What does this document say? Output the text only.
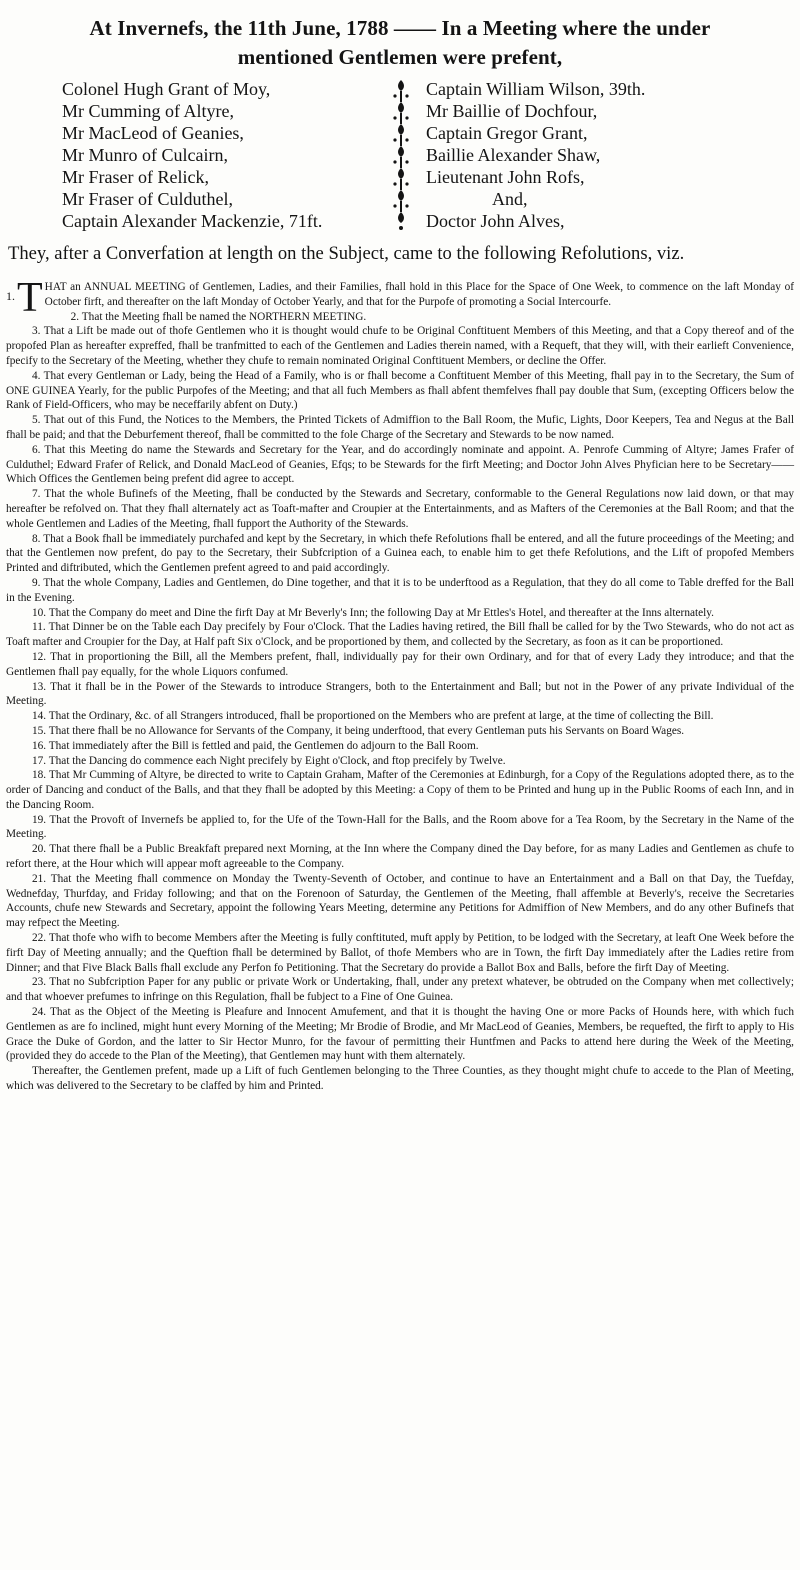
At Invernefs, the 11th June, 1788 —— In a Meeting where the under
mentioned Gentlemen were prefent,
Colonel Hugh Grant of Moy,
Mr Cumming of Altyre,
Mr MacLeod of Geanies,
Mr Munro of Culcairn,
Mr Fraser of Relick,
Mr Fraser of Culduthel,
Captain Alexander Mackenzie, 71ft.
Captain William Wilson, 39th.
Mr Baillie of Dochfour,
Captain Gregor Grant,
Baillie Alexander Shaw,
Lieutenant John Rofs,
And,
Doctor John Alves,

They, after a Converfation at length on the Subject, came to the following Refolutions, viz.

1. T HAT an ANNUAL MEETING of Gentlemen, Ladies, and their Families, fhall hold in this Place for the Space of One Week, to commence on the laft Monday of October firft, and thereafter on the laft Monday of October Yearly, and that for the Purpofe of promoting a Social Intercourfe.

2. That the Meeting fhall be named the NORTHERN MEETING.

3. That a Lift be made out of thofe Gentlemen who it is thought would chufe to be Original Conftituent Members of this Meeting, and that a Copy thereof and of the propofed Plan as hereafter expreffed, fhall be tranfmitted to each of the Gentlemen and Ladies therein named, with a Requeft, that they will, with their earlieft Convenience, fpecify to the Secretary of the Meeting, whether they chufe to remain nominated Original Conftituent Members, or decline the Offer.

4. That every Gentleman or Lady, being the Head of a Family, who is or fhall become a Conftituent Member of this Meeting, fhall pay in to the Secretary, the Sum of ONE GUINEA Yearly, for the public Purpofes of the Meeting; and that all fuch Members as fhall abfent themfelves fhall pay double that Sum, (excepting Officers below the Rank of Field-Officers, who may be neceffarily abfent on Duty.)

5. That out of this Fund, the Notices to the Members, the Printed Tickets of Admiffion to the Ball Room, the Mufic, Lights, Door Keepers, Tea and Negus at the Ball fhall be paid; and that the Deburfement thereof, fhall be committed to the fole Charge of the Secretary and Stewards to be now named.

6. That this Meeting do name the Stewards and Secretary for the Year, and do accordingly nominate and appoint. A. Penrofe Cumming of Altyre; James Frafer of Culduthel; Edward Frafer of Relick, and Donald MacLeod of Geanies, Efqs; to be Stewards for the firft Meeting; and Doctor John Alves Phyfician here to be Secretary——Which Offices the Gentlemen being prefent did agree to accept.

7. That the whole Bufinefs of the Meeting, fhall be conducted by the Stewards and Secretary, conformable to the General Regulations now laid down, or that may hereafter be refolved on. That they fhall alternately act as Toaft-mafter and Croupier at the Entertainments, and as Mafters of the Ceremonies at the Ball Room; and that the whole Gentlemen and Ladies of the Meeting, fhall fupport the Authority of the Stewards.

8. That a Book fhall be immediately purchafed and kept by the Secretary, in which thefe Refolutions fhall be entered, and all the future proceedings of the Meeting; and that the Gentlemen now prefent, do pay to the Secretary, their Subfcription of a Guinea each, to enable him to get thefe Refolutions, and the Lift of propofed Members Printed and diftributed, which the Gentlemen prefent agreed to and paid accordingly.

9. That the whole Company, Ladies and Gentlemen, do Dine together, and that it is to be underftood as a Regulation, that they do all come to Table dreffed for the Ball in the Evening.

10. That the Company do meet and Dine the firft Day at Mr Beverly's Inn; the following Day at Mr Ettles's Hotel, and thereafter at the Inns alternately.

11. That Dinner be on the Table each Day precifely by Four o'Clock. That the Ladies having retired, the Bill fhall be called for by the Two Stewards, who do not act as Toaft mafter and Croupier for the Day, at Half paft Six o'Clock, and be proportioned by them, and collected by the Secretary, as foon as it can be proportioned.

12. That in proportioning the Bill, all the Members prefent, fhall, individually pay for their own Ordinary, and for that of every Lady they introduce; and that the Gentlemen fhall pay equally, for the whole Liquors confumed.

13. That it fhall be in the Power of the Stewards to introduce Strangers, both to the Entertainment and Ball; but not in the Power of any private Individual of the Meeting.

14. That the Ordinary, &c. of all Strangers introduced, fhall be proportioned on the Members who are prefent at large, at the time of collecting the Bill.

15. That there fhall be no Allowance for Servants of the Company, it being underftood, that every Gentleman puts his Servants on Board Wages.

16. That immediately after the Bill is fettled and paid, the Gentlemen do adjourn to the Ball Room.

17. That the Dancing do commence each Night precifely by Eight o'Clock, and ftop precifely by Twelve.

18. That Mr Cumming of Altyre, be directed to write to Captain Graham, Mafter of the Ceremonies at Edinburgh, for a Copy of the Regulations adopted there, as to the order of Dancing and conduct of the Balls, and that they fhall be adopted by this Meeting: a Copy of them to be Printed and hung up in the Public Rooms of each Inn, and in the Dancing Room.

19. That the Provoft of Invernefs be applied to, for the Ufe of the Town-Hall for the Balls, and the Room above for a Tea Room, by the Secretary in the Name of the Meeting.

20. That there fhall be a Public Breakfaft prepared next Morning, at the Inn where the Company dined the Day before, for as many Ladies and Gentlemen as chufe to refort there, at the Hour which will appear moft agreeable to the Company.

21. That the Meeting fhall commence on Monday the Twenty-Seventh of October, and continue to have an Entertainment and a Ball on that Day, the Tuefday, Wednefday, Thurfday, and Friday following; and that on the Forenoon of Saturday, the Gentlemen of the Meeting, fhall affemble at Beverly's, receive the Secretaries Accounts, chufe new Stewards and Secretary, appoint the following Years Meeting, determine any Petitions for Admiffion of New Members, and do any other Bufinefs that may refpect the Meeting.

22. That thofe who wifh to become Members after the Meeting is fully conftituted, muft apply by Petition, to be lodged with the Secretary, at leaft One Week before the firft Day of Meeting annually; and the Queftion fhall be determined by Ballot, of thofe Members who are in Town, the firft Day immediately after the Ladies retire from Dinner; and that Five Black Balls fhall exclude any Perfon fo Petitioning. That the Secretary do provide a Ballot Box and Balls, before the firft Day of Meeting.

23. That no Subfcription Paper for any public or private Work or Undertaking, fhall, under any pretext whatever, be obtruded on the Company when met collectively; and that whoever prefumes to infringe on this Regulation, fhall be fubject to a Fine of One Guinea.

24. That as the Object of the Meeting is Pleafure and Innocent Amufement, and that it is thought the having One or more Packs of Hounds here, with which fuch Gentlemen as are fo inclined, might hunt every Morning of the Meeting; Mr Brodie of Brodie, and Mr MacLeod of Geanies, Members, be requefted, the firft to apply to His Grace the Duke of Gordon, and the latter to Sir Hector Munro, for the favour of permitting their Huntfmen and Packs to attend here during the Week of the Meeting, (provided they do accede to the Plan of the Meeting), that Gentlemen may hunt with them alternately.

Thereafter, the Gentlemen prefent, made up a Lift of fuch Gentlemen belonging to the Three Counties, as they thought might chufe to accede to the Plan of Meeting, which was delivered to the Secretary to be claffed by him and Printed.
